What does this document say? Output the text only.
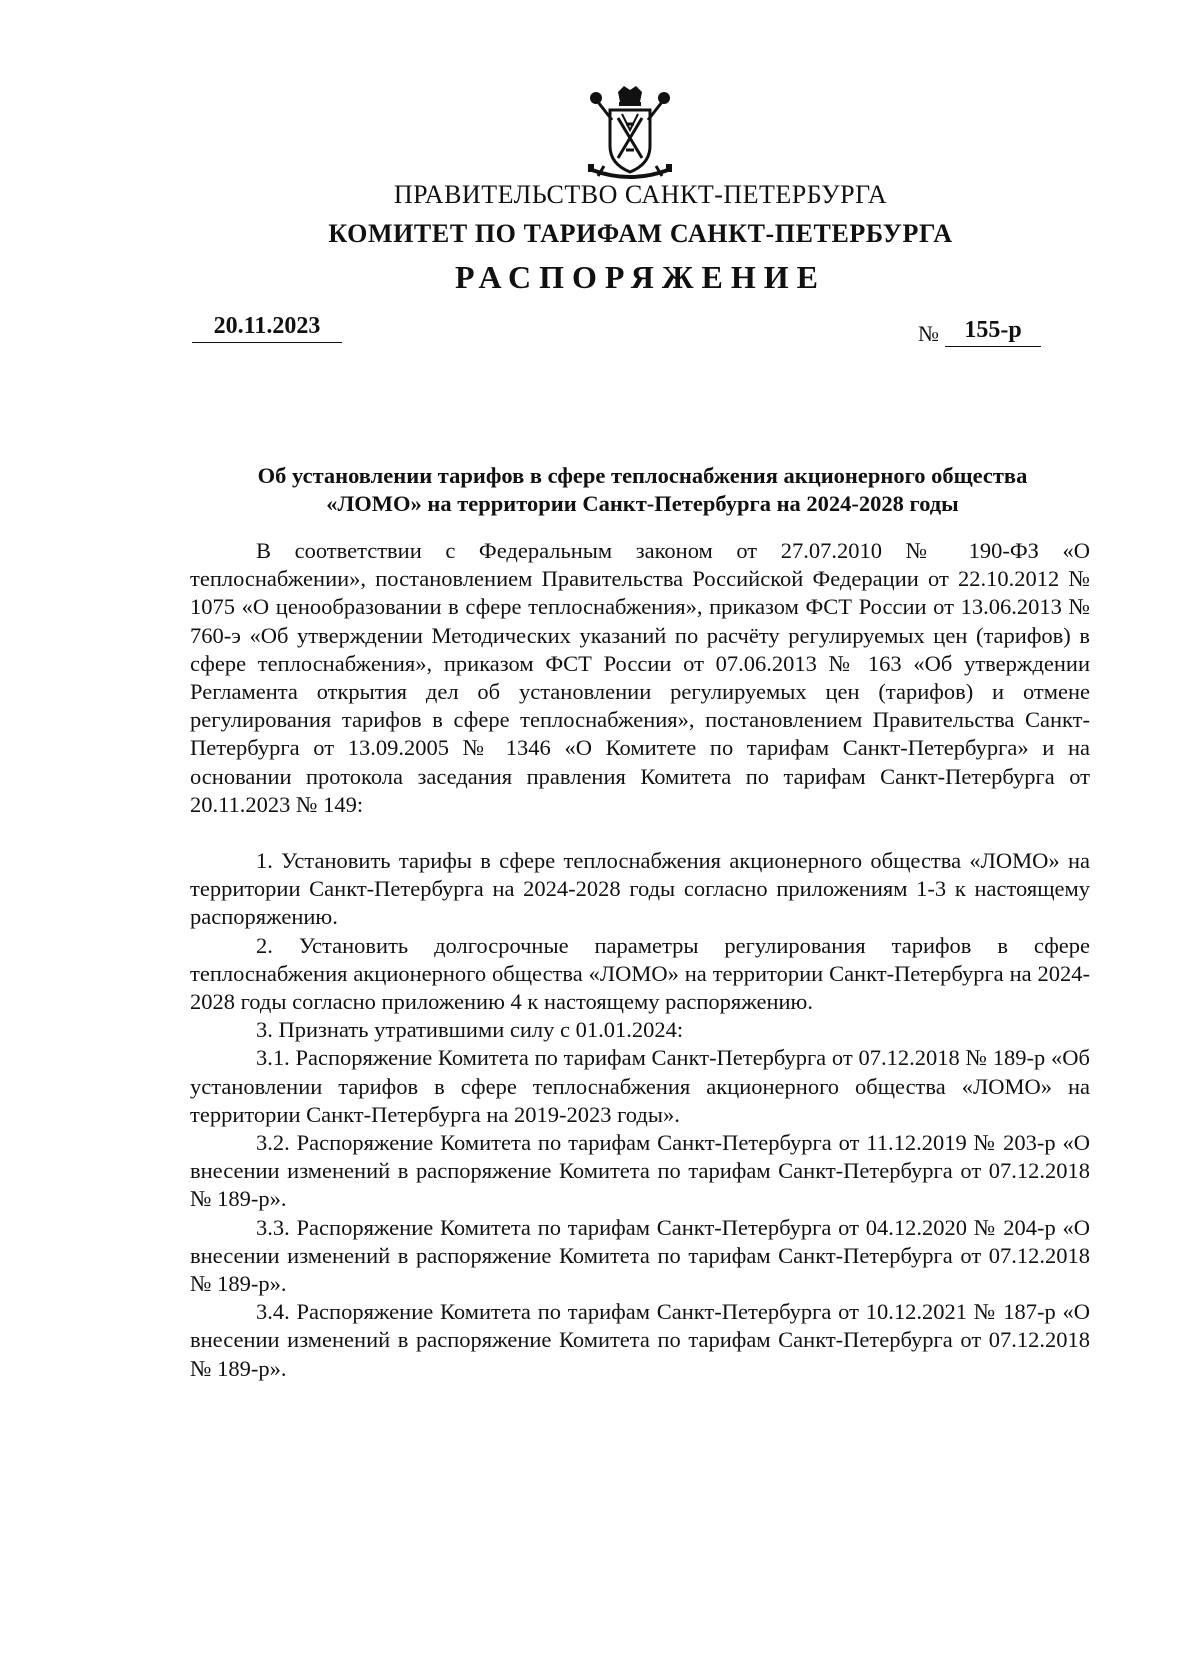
ПРАВИТЕЛЬСТВО САНКТ-ПЕТЕРБУРГА
КОМИТЕТ ПО ТАРИФАМ САНКТ-ПЕТЕРБУРГА
РАСПОРЯЖЕНИЕ
20.11.2023	№	155-р
Об установлении тарифов в сфере теплоснабжения акционерного общества
«ЛОМО» на территории Санкт-Петербурга на 2024-2028 годы

В соответствии с Федеральным законом от 27.07.2010 № 190-ФЗ «О теплоснабжении», постановлением Правительства Российской Федерации от 22.10.2012 № 1075 «О ценообразовании в сфере теплоснабжения», приказом ФСТ России от 13.06.2013 № 760-э «Об утверждении Методических указаний по расчёту регулируемых цен (тарифов) в сфере теплоснабжения», приказом ФСТ России от 07.06.2013 № 163 «Об утверждении Регламента открытия дел об установлении регулируемых цен (тарифов) и отмене регулирования тарифов в сфере теплоснабжения», постановлением Правительства Санкт-Петербурга от 13.09.2005 № 1346 «О Комитете по тарифам Санкт-Петербурга» и на основании протокола заседания правления Комитета по тарифам Санкт-Петербурга от 20.11.2023 № 149:

1. Установить тарифы в сфере теплоснабжения акционерного общества «ЛОМО» на территории Санкт-Петербурга на 2024-2028 годы согласно приложениям 1-3 к настоящему распоряжению.

2. Установить долгосрочные параметры регулирования тарифов в сфере теплоснабжения акционерного общества «ЛОМО» на территории Санкт-Петербурга на 2024-2028 годы согласно приложению 4 к настоящему распоряжению.

3. Признать утратившими силу с 01.01.2024:

3.1. Распоряжение Комитета по тарифам Санкт-Петербурга от 07.12.2018 № 189-р «Об установлении тарифов в сфере теплоснабжения акционерного общества «ЛОМО» на территории Санкт-Петербурга на 2019-2023 годы».

3.2. Распоряжение Комитета по тарифам Санкт-Петербурга от 11.12.2019 № 203-р «О внесении изменений в распоряжение Комитета по тарифам Санкт-Петербурга от 07.12.2018 № 189-р».

3.3. Распоряжение Комитета по тарифам Санкт-Петербурга от 04.12.2020 № 204-р «О внесении изменений в распоряжение Комитета по тарифам Санкт-Петербурга от 07.12.2018 № 189-р».

3.4. Распоряжение Комитета по тарифам Санкт-Петербурга от 10.12.2021 № 187-р «О внесении изменений в распоряжение Комитета по тарифам Санкт-Петербурга от 07.12.2018 № 189-р».
